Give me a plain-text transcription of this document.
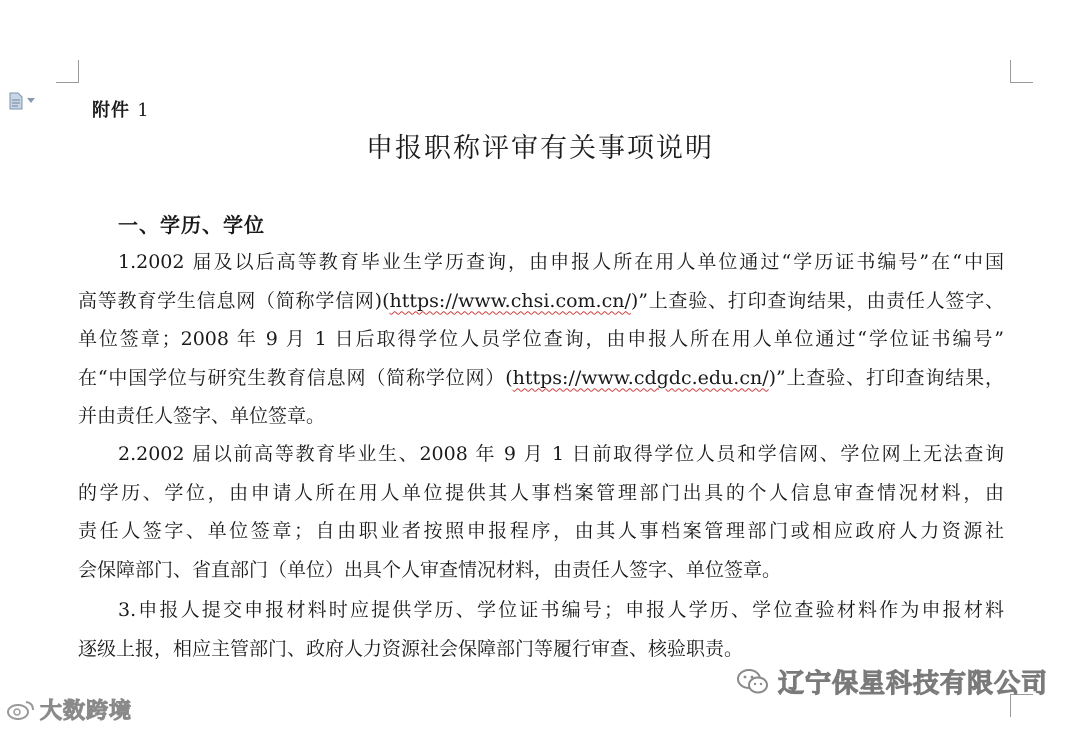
附件 1
申报职称评审有关事项说明
一、学历、学位
1.2002 届及以后高等教育毕业生学历查询，由申报人所在用人单位通过“学历证书编号”在“中国
高等教育学生信息网（简称学信网)(https://www.chsi.com.cn/)”上查验、打印查询结果，由责任人签字、
单位签章；2008 年 9 月 1 日后取得学位人员学位查询，由申报人所在用人单位通过“学位证书编号”
在“中国学位与研究生教育信息网（简称学位网）(https://www.cdgdc.edu.cn/)”上查验、打印查询结果，
并由责任人签字、单位签章。
2.2002 届以前高等教育毕业生、2008 年 9 月 1 日前取得学位人员和学信网、学位网上无法查询
的学历、学位，由申请人所在用人单位提供其人事档案管理部门出具的个人信息审查情况材料，由
责任人签字、单位签章；自由职业者按照申报程序，由其人事档案管理部门或相应政府人力资源社
会保障部门、省直部门（单位）出具个人审查情况材料，由责任人签字、单位签章。
3.申报人提交申报材料时应提供学历、学位证书编号；申报人学历、学位查验材料作为申报材料
逐级上报，相应主管部门、政府人力资源社会保障部门等履行审查、核验职责。
大数跨境
辽宁保星科技有限公司
